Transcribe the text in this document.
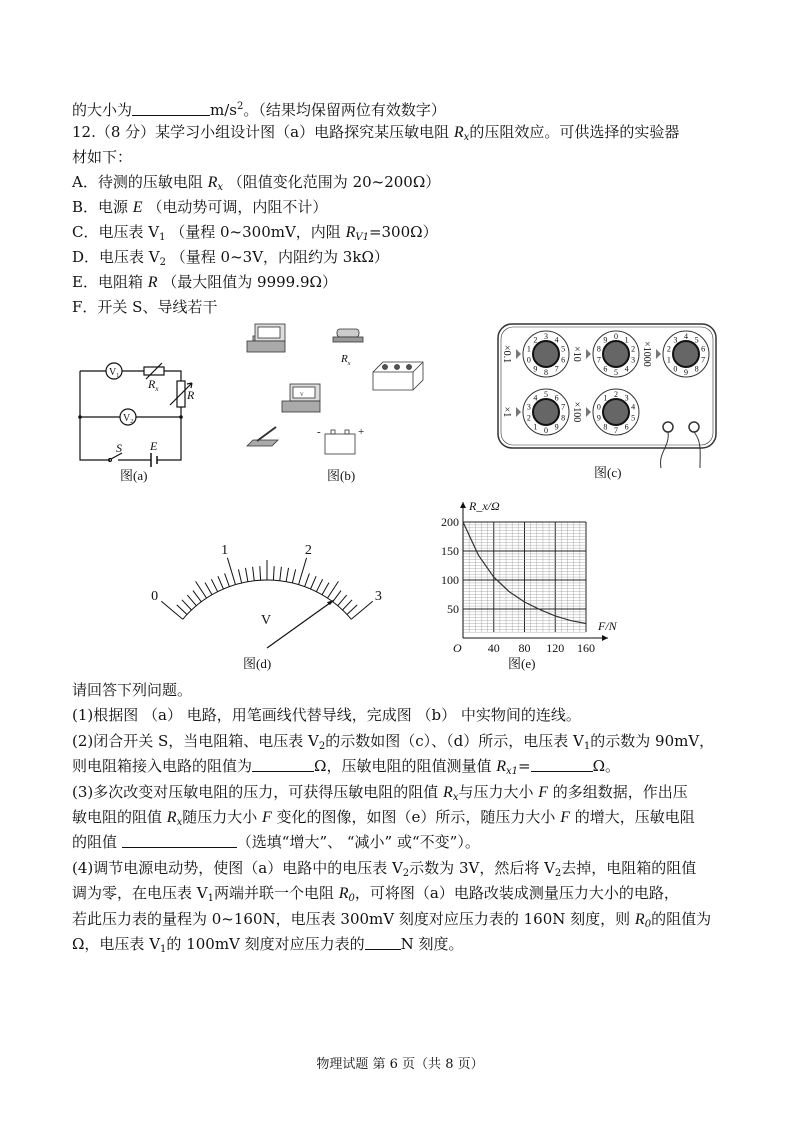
的大小为	$m/s^2$。（结果均保留两位有效数字）
12.（8 分）某学习小组设计图（a）电路探究某压敏电阻 $R_x$的压阻效应。可供选择的实验器
材如下：
A．待测的压敏电阻 $R_x$ （阻值变化范围为 20~200Ω）
B．电源 E （电动势可调，内阻不计）
C．电压表 $V_1$ （量程 0~300mV，内阻 $R_{V1}=300\Omega$）
D．电压表 $V_2$ （量程 0~3V，内阻约为 3kΩ）
E．电阻箱 R （最大阻值为 9999.9Ω）
F．开关 S、导线若干
$V_1$
$V_2$
$R_x$ R
S E
图(a)
V
$R_x$
-	+
图(b)
0
1
2 3 4
5
6
7
8
9
×0.1
0 1
2
3
4
5
6
7
8
9
×10
0
1
2
3 4 5
6
7
8
9
×1000
0
1
2
3
4 5 6
7
8
9
×1	0
1 2 3
4
5
6
7
8
9
×100
图(c)
0
1	2
3
V
图(d)
40 80 120 160
50
100
150
200
O
R_x/Ω
F/N
图(e)
请回答下列问题。
(1)根据图 （a） 电路，用笔画线代替导线，完成图 （b） 中实物间的连线。
(2)闭合开关 S，当电阻箱、电压表 $V_2$的示数如图（c）、（d）所示，电压表 $V_1$的示数为 90mV，
则电阻箱接入电路的阻值为	Ω，压敏电阻的阻值测量值 $R_{x1}=$	Ω。
(3)多次改变对压敏电阻的压力，可获得压敏电阻的阻值 $R_x$与压力大小 F 的多组数据，作出压
敏电阻的阻值 $R_x$随压力大小 F 变化的图像，如图（e）所示，随压力大小 F 的增大，压敏电阻
的阻值	（选填“增大”、 “减小” 或“不变”）。
(4)调节电源电动势，使图（a）电路中的电压表 $V_2$示数为 3V，然后将 $V_2$去掉，电阻箱的阻值
调为零，在电压表 $V_1$两端并联一个电阻 $R_0$，可将图（a）电路改装成测量压力大小的电路，
若此压力表的量程为 0~160N，电压表 300mV 刻度对应压力表的 160N 刻度，则 $R_0$的阻值为
Ω，电压表 $V_1$的 100mV 刻度对应压力表的 N 刻度。
物理试题 第 6 页（共 8 页）
